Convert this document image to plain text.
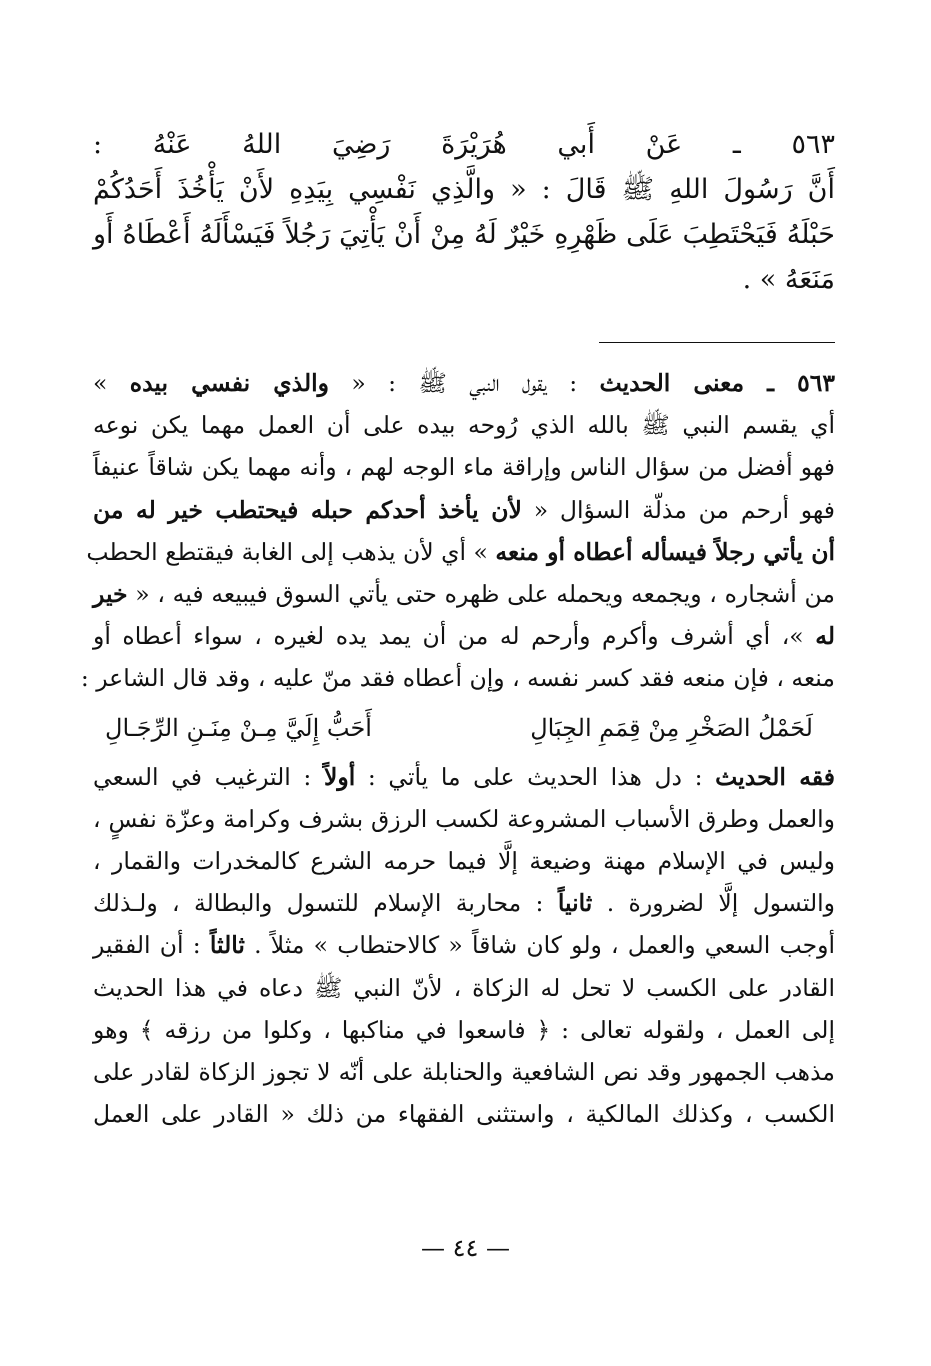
٥٦٣ ـ عَنْ أَبي هُرَيْرَةَ رَضِيَ اللهُ عَنْهُ :
أَنَّ رَسُولَ اللهِ ﷺ قَالَ : « والَّذِي نَفْسِي بِيَدِهِ لأَنْ يَأْخُذَ أَحَدُكُمْ
حَبْلَهُ فَيَحْتَطِبَ عَلَى ظَهْرِهِ خَيْرٌ لَهُ مِنْ أَنْ يَأْتِيَ رَجُلاً فَيَسْأَلَهُ أَعْطَاهُ أَو
مَنَعَهُ » .
٥٦٣ ـ معنى الحديث : يقول النبي ﷺ : « والذي نفسي بيده »
أي يقسم النبي ﷺ بالله الذي رُوحه بيده على أن العمل مهما يكن نوعه
فهو أفضل من سؤال الناس وإراقة ماء الوجه لهم ، وأنه مهما يكن شاقاً عنيفاً
فهو أرحم من مذلّة السؤال « لأن يأخذ أحدكم حبله فيحتطب خير له من
أن يأتي رجلاً فيسأله أعطاه أو منعه » أي لأن يذهب إلى الغابة فيقتطع الحطب
من أشجاره ، ويجمعه ويحمله على ظهره حتى يأتي السوق فيبيعه فيه ، « خير
له »، أي أشرف وأكرم وأرحم له من أن يمد يده لغيره ، سواء أعطاه أو
منعه ، فإن منعه فقد كسر نفسه ، وإن أعطاه فقد منّ عليه ، وقد قال الشاعر :
لَحَمْلُ الصَخْرِ مِنْ قِمَمِ الجِبَالِ
أَحَبُّ إِلَيَّ مِـنْ مِنَـنِ الرِّجَـالِ
فقه الحديث : دل هذا الحديث على ما يأتي : أولاً : الترغيب في السعي
والعمل وطرق الأسباب المشروعة لكسب الرزق بشرف وكرامة وعزّة نفسٍ ،
وليس في الإسلام مهنة وضيعة إلَّا فيما حرمه الشرع كالمخدرات والقمار ،
والتسول إلَّا لضرورة . ثانياً : محاربة الإسلام للتسول والبطالة ، ولـذلك
أوجب السعي والعمل ، ولو كان شاقاً « كالاحتطاب » مثلاً . ثالثاً : أن الفقير
القادر على الكسب لا تحل له الزكاة ، لأنّ النبي ﷺ دعاه في هذا الحديث
إلى العمل ، ولقوله تعالى : ﴿ فاسعوا في مناكبها ، وكلوا من رزقه ﴾ وهو
مذهب الجمهور وقد نص الشافعية والحنابلة على أنّه لا تجوز الزكاة لقادر على
الكسب ، وكذلك المالكية ، واستثنى الفقهاء من ذلك « القادر على العمل
— ٤٤ —
